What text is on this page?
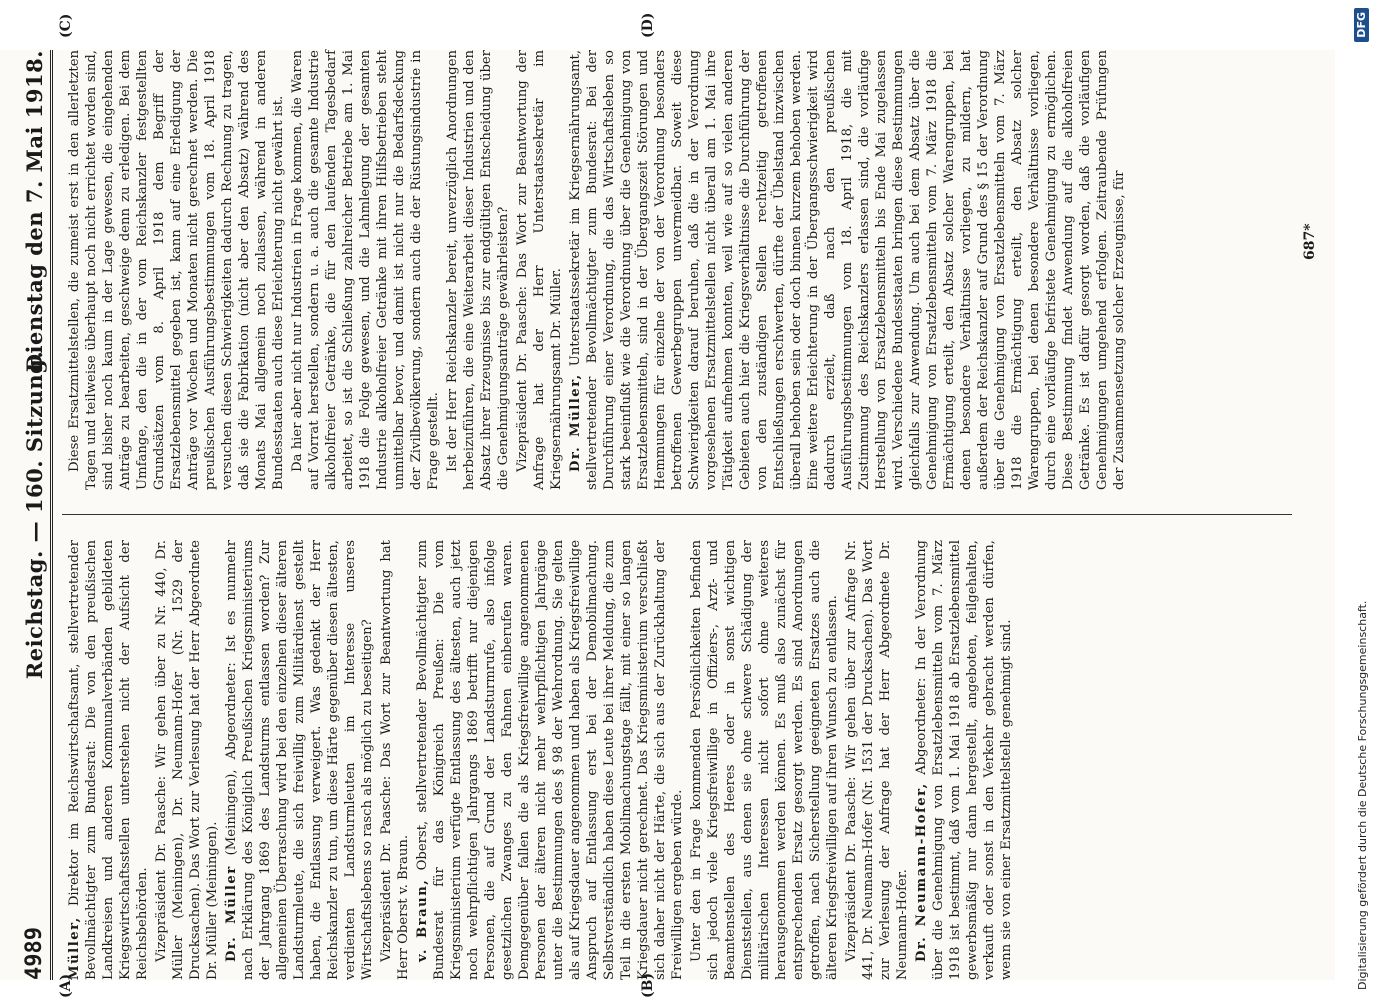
4989
Reichstag. — 160. Sitzung.
Dienstag den 7. Mai 1918.
(A)	(B)
(C)	(D)

Müller, Direktor im Reichswirtschaftsamt, stellvertretender Bevollmächtigter zum Bundesrat: Die von den preußischen Landkreisen und anderen Kommunalverbänden gebildeten Kriegswirtschaftsstellen unterstehen nicht der Aufsicht der Reichsbehörden. Vizepräsident Dr. Paasche: Wir gehen über zu Nr. 440, Dr. Müller (Meiningen), Dr. Neumann-Hofer (Nr. 1529 der Drucksachen). Das Wort zur Verlesung hat der Herr Abgeordnete Dr. Müller (Meiningen). Dr. Müller (Meiningen), Abgeordneter: Ist es nunmehr nach Erklärung des Königlich Preußischen Kriegsministeriums der Jahrgang 1869 des Landsturms entlassen worden? Zur allgemeinen Überraschung wird bei den einzelnen dieser älteren Landsturmleute, die sich freiwillig zum Militärdienst gestellt haben, die Entlassung verweigert. Was gedenkt der Herr Reichskanzler zu tun, um diese Härte gegenüber diesen ältesten, verdienten Landsturmleuten im Interesse unseres Wirtschaftslebens so rasch als möglich zu beseitigen? Vizepräsident Dr. Paasche: Das Wort zur Beantwortung hat Herr Oberst v. Braun. v. Braun, Oberst, stellvertretender Bevollmächtigter zum Bundesrat für das Königreich Preußen: Die vom Kriegsministerium verfügte Entlassung des ältesten, auch jetzt noch wehrpflichtigen Jahrgangs 1869 betrifft nur diejenigen Personen, die auf Grund der Landsturmrufe, also infolge gesetzlichen Zwanges zu den Fahnen einberufen waren. Demgegenüber fallen die als Kriegsfreiwillige angenommenen Personen der älteren nicht mehr wehrpflichtigen Jahrgänge unter die Bestimmungen des § 98 der Wehrordnung. Sie gelten als auf Kriegsdauer angenommen und haben als Kriegsfreiwillige Anspruch auf Entlassung erst bei der Demobilmachung. Selbstverständlich haben diese Leute bei ihrer Meldung, die zum Teil in die ersten Mobilmachungstage fällt, mit einer so langen Kriegsdauer nicht gerechnet. Das Kriegsministerium verschließt sich daher nicht der Härte, die sich aus der Zurückhaltung der Freiwilligen ergeben würde. Unter den in Frage kommenden Persönlichkeiten befinden sich jedoch viele Kriegsfreiwillige in Offiziers-, Arzt- und Beamtenstellen des Heeres oder in sonst wichtigen Dienststellen, aus denen sie ohne schwere Schädigung der militärischen Interessen nicht sofort ohne weiteres herausgenommen werden können. Es muß also zunächst für entsprechenden Ersatz gesorgt werden. Es sind Anordnungen getroffen, nach Sicherstellung geeigneten Ersatzes auch die älteren Kriegsfreiwilligen auf ihren Wunsch zu entlassen. Vizepräsident Dr. Paasche: Wir gehen über zur Anfrage Nr. 441, Dr. Neumann-Hofer (Nr. 1531 der Drucksachen). Das Wort zur Verlesung der Anfrage hat der Herr Abgeordnete Dr. Neumann-Hofer. Dr. Neumann-Hofer, Abgeordneter: In der Verordnung über die Genehmigung von Ersatzlebensmitteln vom 7. März 1918 ist bestimmt, daß vom 1. Mai 1918 ab Ersatzlebensmittel gewerbsmäßig nur dann hergestellt, angeboten, feilgehalten, verkauft oder sonst in den Verkehr gebracht werden dürfen, wenn sie von einer Ersatzmittelstelle genehmigt sind.

Diese Ersatzmittelstellen, die zumeist erst in den allerletzten Tagen und teilweise überhaupt noch nicht errichtet worden sind, sind bisher noch kaum in der Lage gewesen, die eingehenden Anträge zu bearbeiten, geschweige denn zu erledigen. Bei dem Umfange, den die in der vom Reichskanzler festgestellten Grundsätzen vom 8. April 1918 dem Begriff der Ersatzlebensmittel gegeben ist, kann auf eine Erledigung der Anträge vor Wochen und Monaten nicht gerechnet werden. Die preußischen Ausführungsbestimmungen vom 18. April 1918 versuchen diesen Schwierigkeiten dadurch Rechnung zu tragen, daß sie die Fabrikation (nicht aber den Absatz) während des Monats Mai allgemein noch zulassen, während in anderen Bundesstaaten auch diese Erleichterung nicht gewährt ist. Da hier aber nicht nur Industrien in Frage kommen, die Waren auf Vorrat herstellen, sondern u. a. auch die gesamte Industrie alkoholfreier Getränke, die für den laufenden Tagesbedarf arbeitet, so ist die Schließung zahlreicher Betriebe am 1. Mai 1918 die Folge gewesen, und die Lahmlegung der gesamten Industrie alkoholfreier Getränke mit ihren Hilfsbetrieben steht unmittelbar bevor, und damit ist nicht nur die Bedarfsdeckung der Zivilbevölkerung, sondern auch die der Rüstungsindustrie in Frage gestellt. Ist der Herr Reichskanzler bereit, unverzüglich Anordnungen herbeizuführen, die eine Weiterarbeit dieser Industrien und den Absatz ihrer Erzeugnisse bis zur endgültigen Entscheidung über die Genehmigungsanträge gewährleisten? Vizepräsident Dr. Paasche: Das Wort zur Beantwortung der Anfrage hat der Herr Unterstaatssekretär im Kriegsernährungsamt Dr. Müller. Dr. Müller, Unterstaatssekretär im Kriegsernährungsamt, stellvertretender Bevollmächtigter zum Bundesrat: Bei der Durchführung einer Verordnung, die das Wirtschaftsleben so stark beeinflußt wie die Verordnung über die Genehmigung von Ersatzlebensmitteln, sind in der Übergangszeit Störungen und Hemmungen für einzelne der von der Verordnung besonders betroffenen Gewerbegruppen unvermeidbar. Soweit diese Schwierigkeiten darauf beruhen, daß die in der Verordnung vorgesehenen Ersatzmittelstellen nicht überall am 1. Mai ihre Tätigkeit aufnehmen konnten, weil wie auf so vielen anderen Gebieten auch hier die Kriegsverhältnisse die Durchführung der von den zuständigen Stellen rechtzeitig getroffenen Entschließungen erschwerten, dürfte der Übelstand inzwischen überall behoben sein oder doch binnen kurzem behoben werden. Eine weitere Erleichterung in der Übergangsschwierigkeit wird dadurch erzielt, daß nach den preußischen Ausführungsbestimmungen vom 18. April 1918, die mit Zustimmung des Reichskanzlers erlassen sind, die vorläufige Herstellung von Ersatzlebensmitteln bis Ende Mai zugelassen wird. Verschiedene Bundesstaaten bringen diese Bestimmungen gleichfalls zur Anwendung. Um auch bei dem Absatz über die Genehmigung von Ersatzlebensmitteln vom 7. März 1918 die Ermächtigung erteilt, den Absatz solcher Warengruppen, bei denen besondere Verhältnisse vorliegen, zu mildern, hat außerdem der Reichskanzler auf Grund des § 15 der Verordnung über die Genehmigung von Ersatzlebensmitteln vom 7. März 1918 die Ermächtigung erteilt, den Absatz solcher Warengruppen, bei denen besondere Verhältnisse vorliegen, durch eine vorläufige befristete Genehmigung zu ermöglichen. Diese Bestimmung findet Anwendung auf die alkoholfreien Getränke. Es ist dafür gesorgt worden, daß die vorläufigen Genehmigungen umgehend erfolgen. Zeitraubende Prüfungen der Zusammensetzung solcher Erzeugnisse, für	687*
Digitalisierung gefördert durch die Deutsche Forschungsgemeinschaft.
DFG
